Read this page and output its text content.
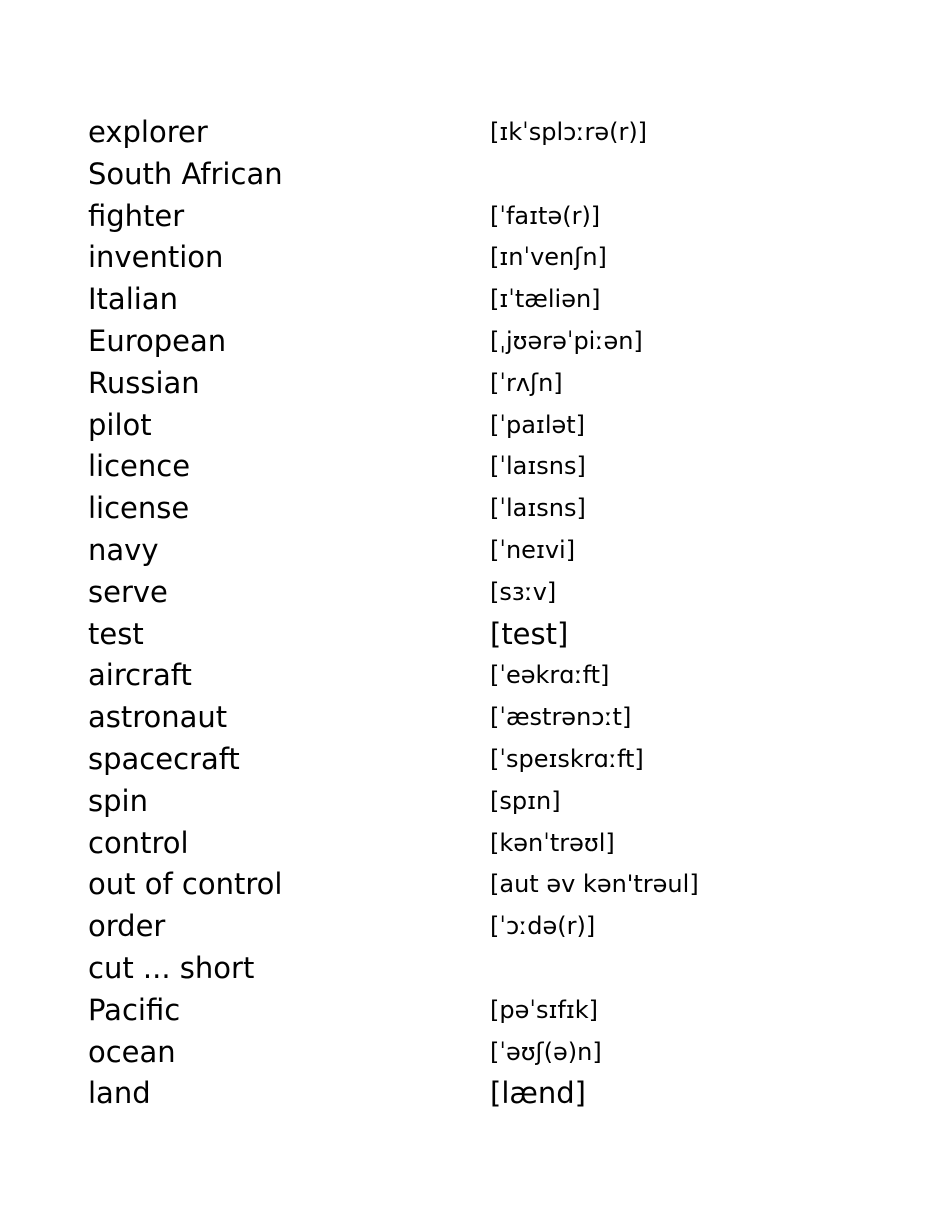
explorer	[ɪkˈsplɔːrə(r)]
South African
fighter	[ˈfaɪtə(r)]
invention	[ɪnˈvenʃn]
Italian	[ɪˈtæliən]
European	[ˌjʊərəˈpiːən]
Russian	[ˈrʌʃn]
pilot	[ˈpaɪlət]
licence	[ˈlaɪsns]
license	[ˈlaɪsns]
navy	[ˈneɪvi]
serve	[sɜːv]
test	[test]
aircraft	[ˈeəkrɑːft]
astronaut	[ˈæstrənɔːt]
spacecraft	[ˈspeɪskrɑːft]
spin	[spɪn]
control	[kənˈtrəʊl]
out of control	[aut əv kən'trəul]
order	[ˈɔːdə(r)]
cut ... short
Pacific	[pəˈsɪfɪk]
ocean	[ˈəʊʃ(ə)n]
land	[lænd]
